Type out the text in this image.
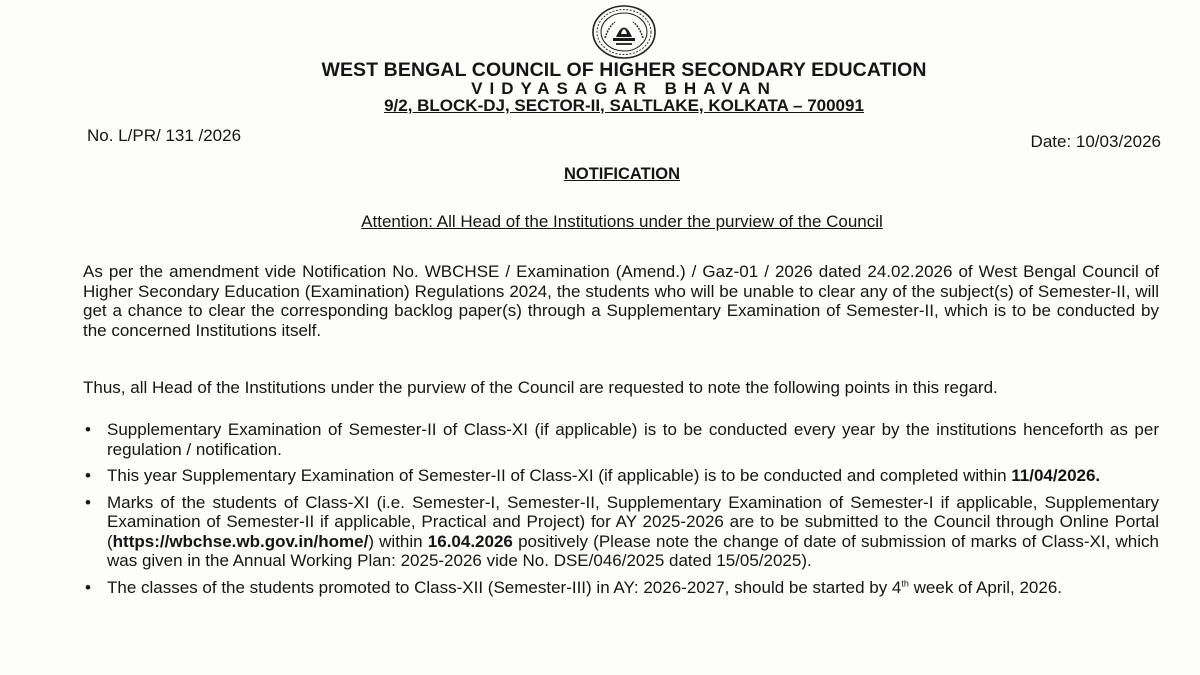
WEST BENGAL COUNCIL OF HIGHER SECONDARY EDUCATION
VIDYASAGAR BHAVAN
9/2, BLOCK-DJ, SECTOR-II, SALTLAKE, KOLKATA – 700091
No. L/PR/ 131 /2026	Date: 10/03/2026
NOTIFICATION
Attention: All Head of the Institutions under the purview of the Council
As per the amendment vide Notification No. WBCHSE / Examination (Amend.) / Gaz-01 / 2026 dated 24.02.2026 of West Bengal Council of Higher Secondary Education (Examination) Regulations 2024, the students who will be unable to clear any of the subject(s) of Semester-II, will get a chance to clear the corresponding backlog paper(s) through a Supplementary Examination of Semester-II, which is to be conducted by the concerned Institutions itself.
Thus, all Head of the Institutions under the purview of the Council are requested to note the following points in this regard.
• Supplementary Examination of Semester-II of Class-XI (if applicable) is to be conducted every year by the institutions henceforth as per regulation / notification.
• This year Supplementary Examination of Semester-II of Class-XI (if applicable) is to be conducted and completed within 11/04/2026.
• Marks of the students of Class-XI (i.e. Semester-I, Semester-II, Supplementary Examination of Semester-I if applicable, Supplementary Examination of Semester-II if applicable, Practical and Project) for AY 2025-2026 are to be submitted to the Council through Online Portal (https://wbchse.wb.gov.in/home/) within 16.04.2026 positively (Please note the change of date of submission of marks of Class-XI, which was given in the Annual Working Plan: 2025-2026 vide No. DSE/046/2025 dated 15/05/2025).
• The classes of the students promoted to Class-XII (Semester-III) in AY: 2026-2027, should be started by 4th week of April, 2026.
